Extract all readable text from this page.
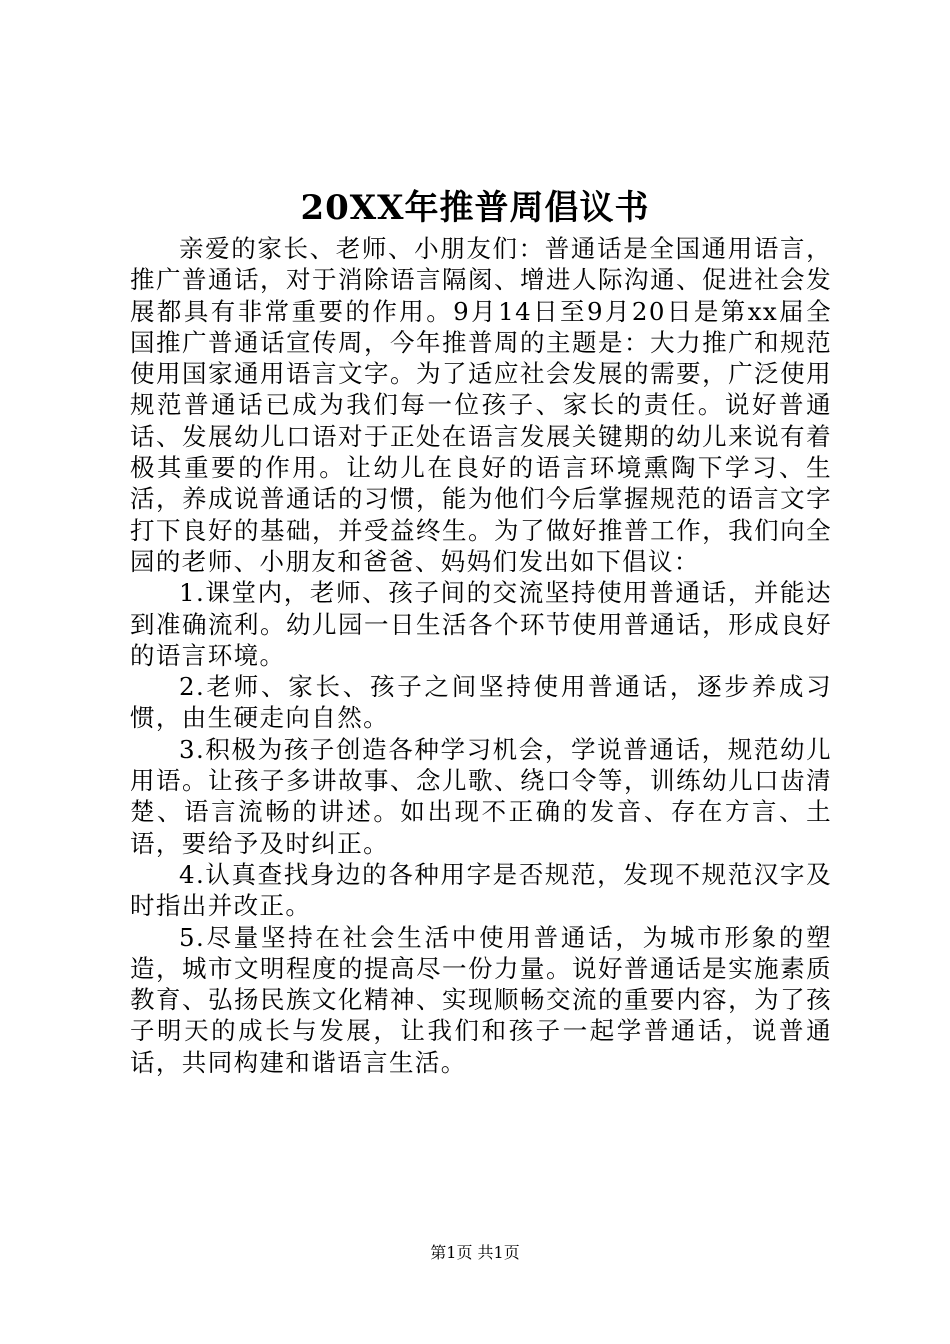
20XX年推普周倡议书

亲爱的家长、老师、小朋友们：普通话是全国通用语言，推广普通话，对于消除语言隔阂、增进人际沟通、促进社会发展都具有非常重要的作用。9月14日至9月20日是第xx届全国推广普通话宣传周，今年推普周的主题是：大力推广和规范使用国家通用语言文字。为了适应社会发展的需要，广泛使用规范普通话已成为我们每一位孩子、家长的责任。说好普通话、发展幼儿口语对于正处在语言发展关键期的幼儿来说有着极其重要的作用。让幼儿在良好的语言环境熏陶下学习、生活，养成说普通话的习惯，能为他们今后掌握规范的语言文字打下良好的基础，并受益终生。为了做好推普工作，我们向全园的老师、小朋友和爸爸、妈妈们发出如下倡议：

1.课堂内，老师、孩子间的交流坚持使用普通话，并能达到准确流利。幼儿园一日生活各个环节使用普通话，形成良好的语言环境。

2.老师、家长、孩子之间坚持使用普通话，逐步养成习惯，由生硬走向自然。

3.积极为孩子创造各种学习机会，学说普通话，规范幼儿用语。让孩子多讲故事、念儿歌、绕口令等，训练幼儿口齿清楚、语言流畅的讲述。如出现不正确的发音、存在方言、土语，要给予及时纠正。

4.认真查找身边的各种用字是否规范，发现不规范汉字及时指出并改正。

5.尽量坚持在社会生活中使用普通话，为城市形象的塑造，城市文明程度的提高尽一份力量。说好普通话是实施素质教育、弘扬民族文化精神、实现顺畅交流的重要内容，为了孩子明天的成长与发展，让我们和孩子一起学普通话，说普通话，共同构建和谐语言生活。

第1页 共1页
